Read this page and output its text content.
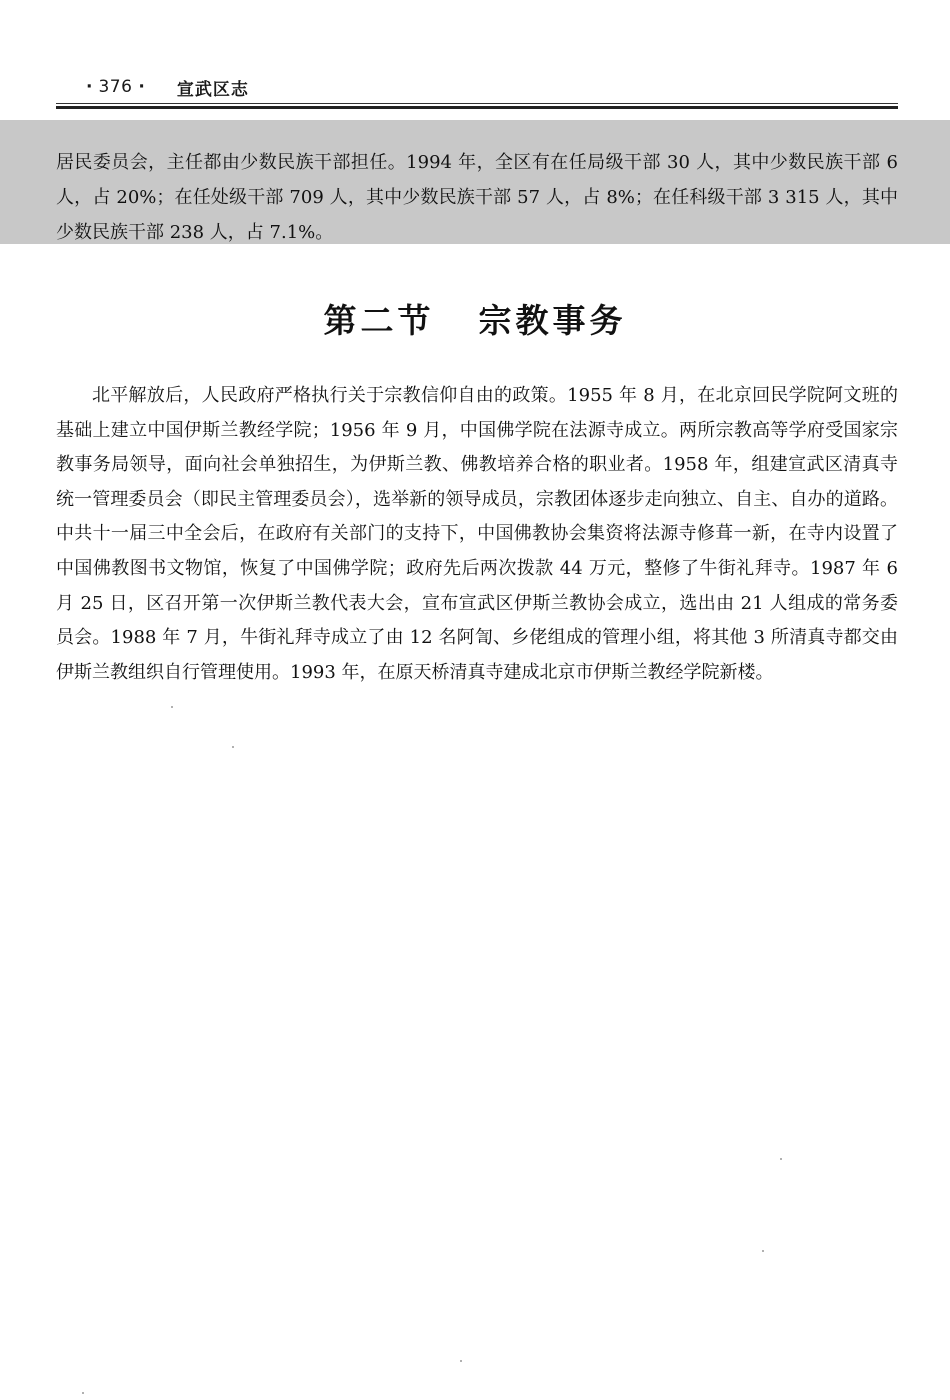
· 376 · 宣武区志

居民委员会，主任都由少数民族干部担任。1994 年，全区有在任局级干部 30 人，其中少数民族干部 6 人，占 20%；在任处级干部 709 人，其中少数民族干部 57 人，占 8%；在任科级干部 3 315 人，其中少数民族干部 238 人，占 7.1%。

第二节 宗教事务

北平解放后，人民政府严格执行关于宗教信仰自由的政策。1955 年 8 月，在北京回民学院阿文班的基础上建立中国伊斯兰教经学院；1956 年 9 月，中国佛学院在法源寺成立。两所宗教高等学府受国家宗教事务局领导，面向社会单独招生，为伊斯兰教、佛教培养合格的职业者。1958 年，组建宣武区清真寺统一管理委员会（即民主管理委员会），选举新的领导成员，宗教团体逐步走向独立、自主、自办的道路。中共十一届三中全会后，在政府有关部门的支持下，中国佛教协会集资将法源寺修葺一新，在寺内设置了中国佛教图书文物馆，恢复了中国佛学院；政府先后两次拨款 44 万元，整修了牛街礼拜寺。1987 年 6 月 25 日，区召开第一次伊斯兰教代表大会，宣布宣武区伊斯兰教协会成立，选出由 21 人组成的常务委员会。1988 年 7 月，牛街礼拜寺成立了由 12 名阿訇、乡佬组成的管理小组，将其他 3 所清真寺都交由伊斯兰教组织自行管理使用。1993 年，在原天桥清真寺建成北京市伊斯兰教经学院新楼。
